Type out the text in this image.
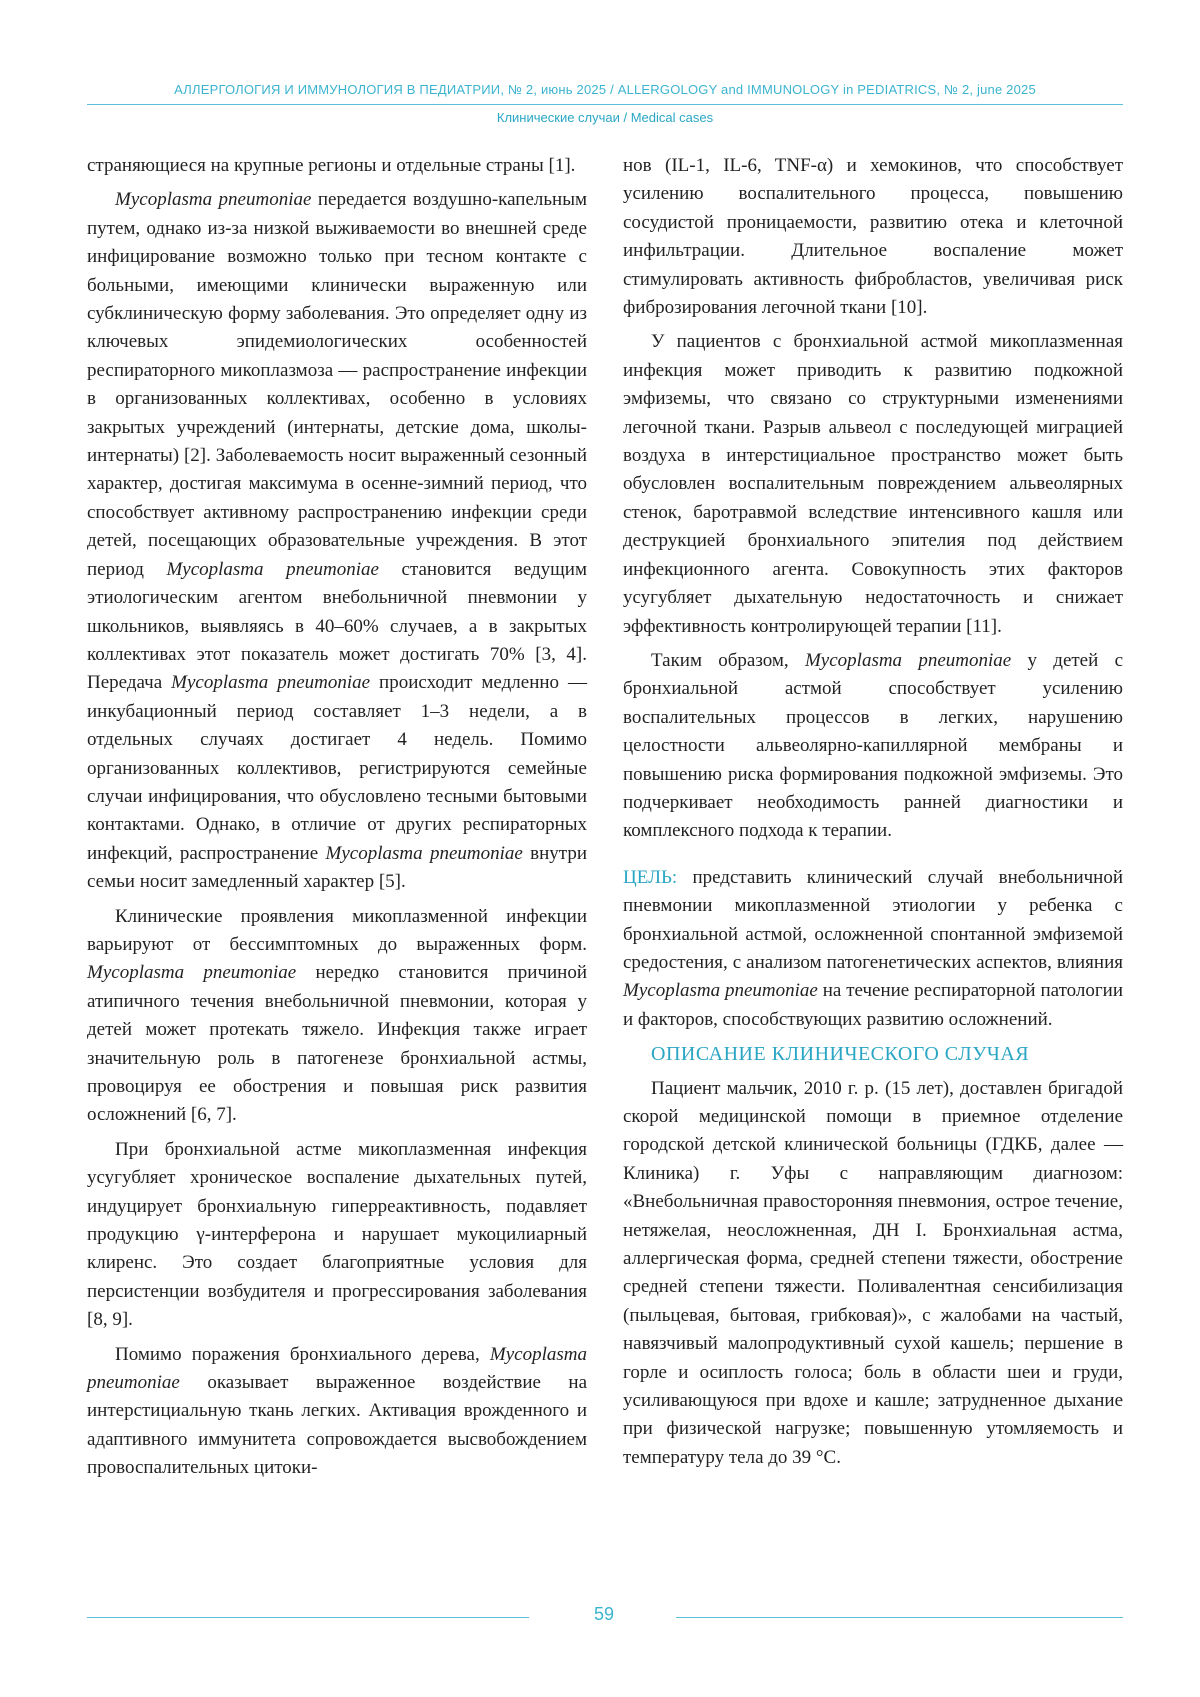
АЛЛЕРГОЛОГИЯ И ИММУНОЛОГИЯ В ПЕДИАТРИИ, № 2, июнь 2025 / ALLERGOLOGY and IMMUNOLOGY in PEDIATRICS, № 2, june 2025
Клинические случаи / Medical cases

страняющиеся на крупные регионы и отдельные страны [1].

Mycoplasma pneumoniae передается воздушно-капельным путем, однако из-за низкой выживаемости во внешней среде инфицирование возможно только при тесном контакте с больными, имеющими клинически выраженную или субклиническую форму заболевания. Это определяет одну из ключевых эпидемиологических особенностей респираторного микоплазмоза — распространение инфекции в организованных коллективах, особенно в условиях закрытых учреждений (интернаты, детские дома, школы-интернаты) [2]. Заболеваемость носит выраженный сезонный характер, достигая максимума в осенне-зимний период, что способствует активному распространению инфекции среди детей, посещающих образовательные учреждения. В этот период Mycoplasma pneumoniae становится ведущим этиологическим агентом внебольничной пневмонии у школьников, выявляясь в 40–60% случаев, а в закрытых коллективах этот показатель может достигать 70% [3, 4]. Передача Mycoplasma pneumoniae происходит медленно — инкубационный период составляет 1–3 недели, а в отдельных случаях достигает 4 недель. Помимо организованных коллективов, регистрируются семейные случаи инфицирования, что обусловлено тесными бытовыми контактами. Однако, в отличие от других респираторных инфекций, распространение Mycoplasma pneumoniae внутри семьи носит замедленный характер [5].

Клинические проявления микоплазменной инфекции варьируют от бессимптомных до выраженных форм. Mycoplasma pneumoniae нередко становится причиной атипичного течения внебольничной пневмонии, которая у детей может протекать тяжело. Инфекция также играет значительную роль в патогенезе бронхиальной астмы, провоцируя ее обострения и повышая риск развития осложнений [6, 7].

При бронхиальной астме микоплазменная инфекция усугубляет хроническое воспаление дыхательных путей, индуцирует бронхиальную гиперреактивность, подавляет продукцию γ-интерферона и нарушает мукоцилиарный клиренс. Это создает благоприятные условия для персистенции возбудителя и прогрессирования заболевания [8, 9].

Помимо поражения бронхиального дерева, Mycoplasma pneumoniae оказывает выраженное воздействие на интерстициальную ткань легких. Активация врожденного и адаптивного иммунитета сопровождается высвобождением провоспалительных цитоки-

нов (IL-1, IL-6, TNF-α) и хемокинов, что способствует усилению воспалительного процесса, повышению сосудистой проницаемости, развитию отека и клеточной инфильтрации. Длительное воспаление может стимулировать активность фибробластов, увеличивая риск фиброзирования легочной ткани [10].

У пациентов с бронхиальной астмой микоплазменная инфекция может приводить к развитию подкожной эмфиземы, что связано со структурными изменениями легочной ткани. Разрыв альвеол с последующей миграцией воздуха в интерстициальное пространство может быть обусловлен воспалительным повреждением альвеолярных стенок, баротравмой вследствие интенсивного кашля или деструкцией бронхиального эпителия под действием инфекционного агента. Совокупность этих факторов усугубляет дыхательную недостаточность и снижает эффективность контролирующей терапии [11].

Таким образом, Mycoplasma pneumoniae у детей с бронхиальной астмой способствует усилению воспалительных процессов в легких, нарушению целостности альвеолярно-капиллярной мембраны и повышению риска формирования подкожной эмфиземы. Это подчеркивает необходимость ранней диагностики и комплексного подхода к терапии.

ЦЕЛЬ: представить клинический случай внебольничной пневмонии микоплазменной этиологии у ребенка с бронхиальной астмой, осложненной спонтанной эмфиземой средостения, с анализом патогенетических аспектов, влияния Mycoplasma pneumoniae на течение респираторной патологии и факторов, способствующих развитию осложнений.

ОПИСАНИЕ КЛИНИЧЕСКОГО СЛУЧАЯ

Пациент мальчик, 2010 г. р. (15 лет), доставлен бригадой скорой медицинской помощи в приемное отделение городской детской клинической больницы (ГДКБ, далее — Клиника) г. Уфы с направляющим диагнозом: «Внебольничная правосторонняя пневмония, острое течение, нетяжелая, неосложненная, ДН I. Бронхиальная астма, аллергическая форма, средней степени тяжести, обострение средней степени тяжести. Поливалентная сенсибилизация (пыльцевая, бытовая, грибковая)», с жалобами на частый, навязчивый малопродуктивный сухой кашель; першение в горле и осиплость голоса; боль в области шеи и груди, усиливающуюся при вдохе и кашле; затрудненное дыхание при физической нагрузке; повышенную утомляемость и температуру тела до 39 °С.

59
